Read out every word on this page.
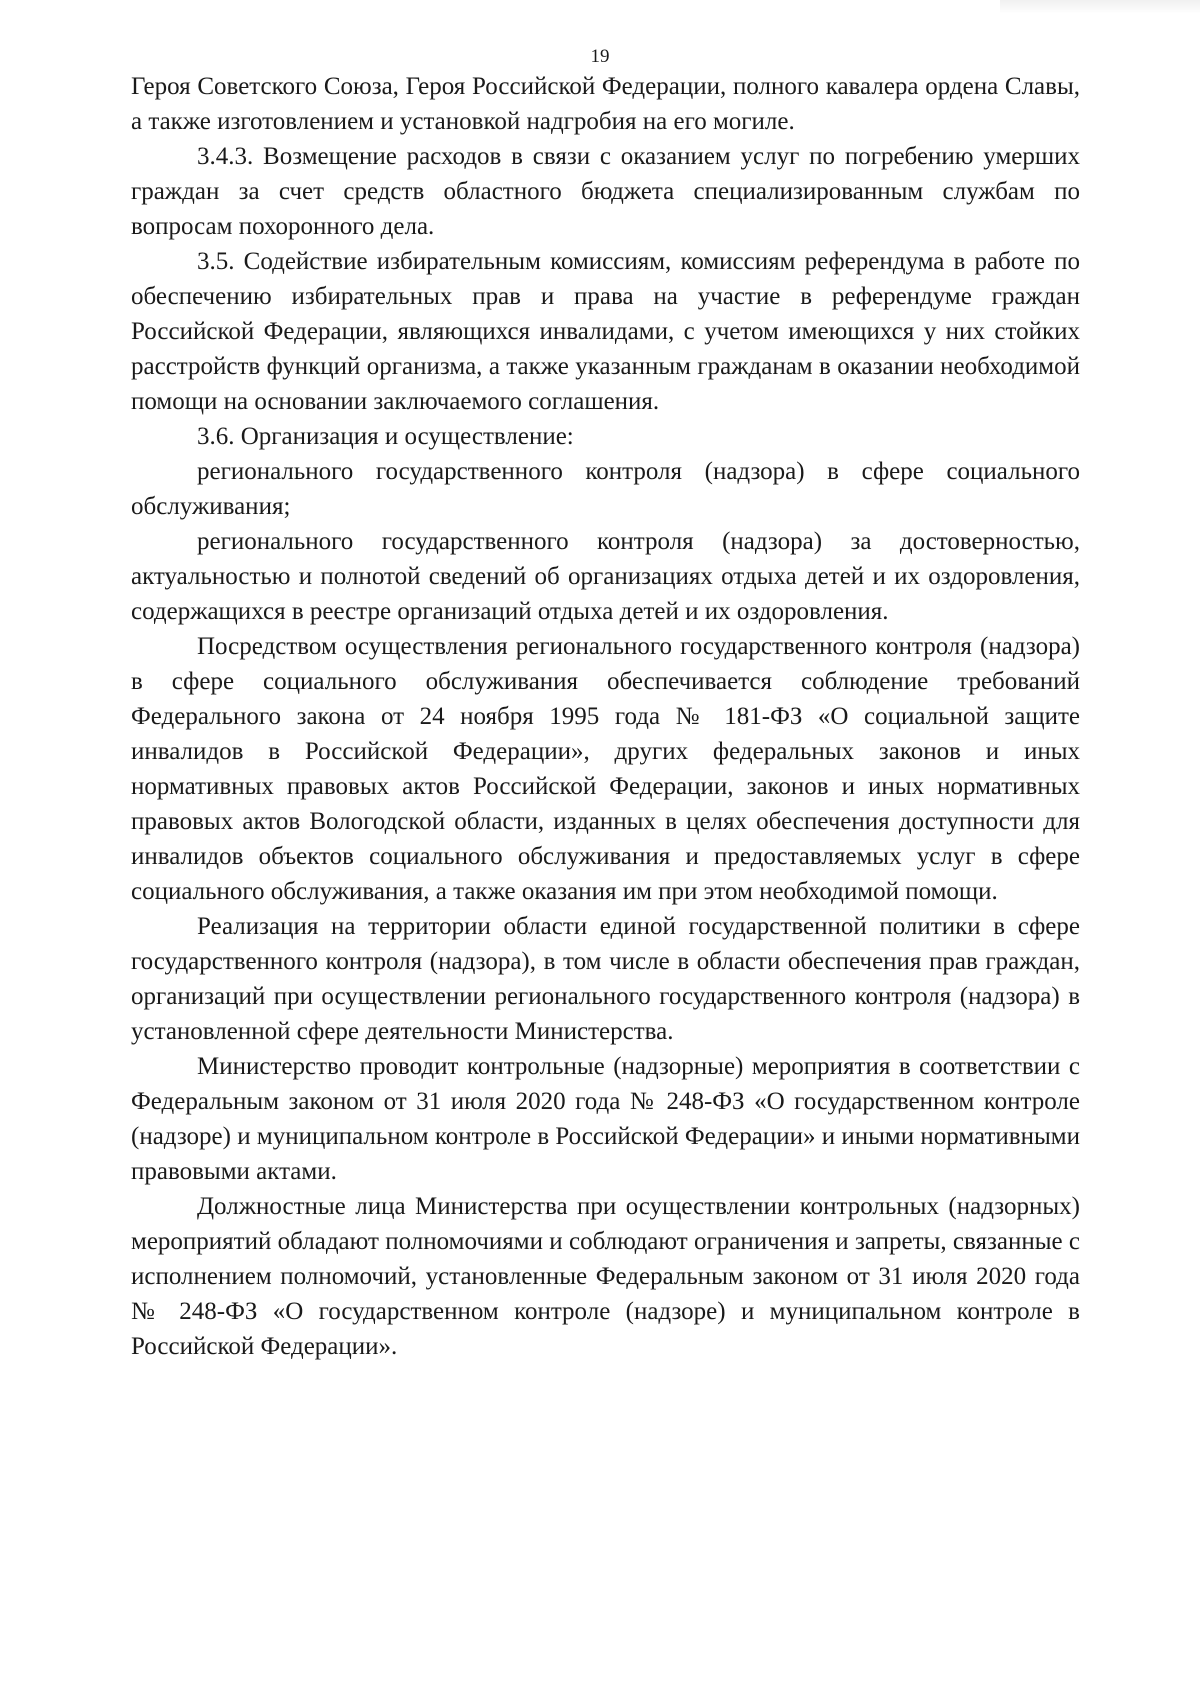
19

Героя Советского Союза, Героя Российской Федерации, полного кавалера ордена Славы, а также изготовлением и установкой надгробия на его могиле.

3.4.3. Возмещение расходов в связи с оказанием услуг по погребению умерших граждан за счет средств областного бюджета специализированным службам по вопросам похоронного дела.

3.5. Содействие избирательным комиссиям, комиссиям референдума в работе по обеспечению избирательных прав и права на участие в референдуме граждан Российской Федерации, являющихся инвалидами, с учетом имеющихся у них стойких расстройств функций организма, а также указанным гражданам в оказании необходимой помощи на основании заключаемого соглашения.

3.6. Организация и осуществление:

регионального государственного контроля (надзора) в сфере социального обслуживания;

регионального государственного контроля (надзора) за достоверностью, актуальностью и полнотой сведений об организациях отдыха детей и их оздоровления, содержащихся в реестре организаций отдыха детей и их оздоровления.

Посредством осуществления регионального государственного контроля (надзора) в сфере социального обслуживания обеспечивается соблюдение требований Федерального закона от 24 ноября 1995 года № 181-ФЗ «О социальной защите инвалидов в Российской Федерации», других федеральных законов и иных нормативных правовых актов Российской Федерации, законов и иных нормативных правовых актов Вологодской области, изданных в целях обеспечения доступности для инвалидов объектов социального обслуживания и предоставляемых услуг в сфере социального обслуживания, а также оказания им при этом необходимой помощи.

Реализация на территории области единой государственной политики в сфере государственного контроля (надзора), в том числе в области обеспечения прав граждан, организаций при осуществлении регионального государственного контроля (надзора) в установленной сфере деятельности Министерства.

Министерство проводит контрольные (надзорные) мероприятия в соответствии с Федеральным законом от 31 июля 2020 года № 248-ФЗ «О государственном контроле (надзоре) и муниципальном контроле в Российской Федерации» и иными нормативными правовыми актами.

Должностные лица Министерства при осуществлении контрольных (надзорных) мероприятий обладают полномочиями и соблюдают ограничения и запреты, связанные с исполнением полномочий, установленные Федеральным законом от 31 июля 2020 года № 248-ФЗ «О государственном контроле (надзоре) и муниципальном контроле в Российской Федерации».
